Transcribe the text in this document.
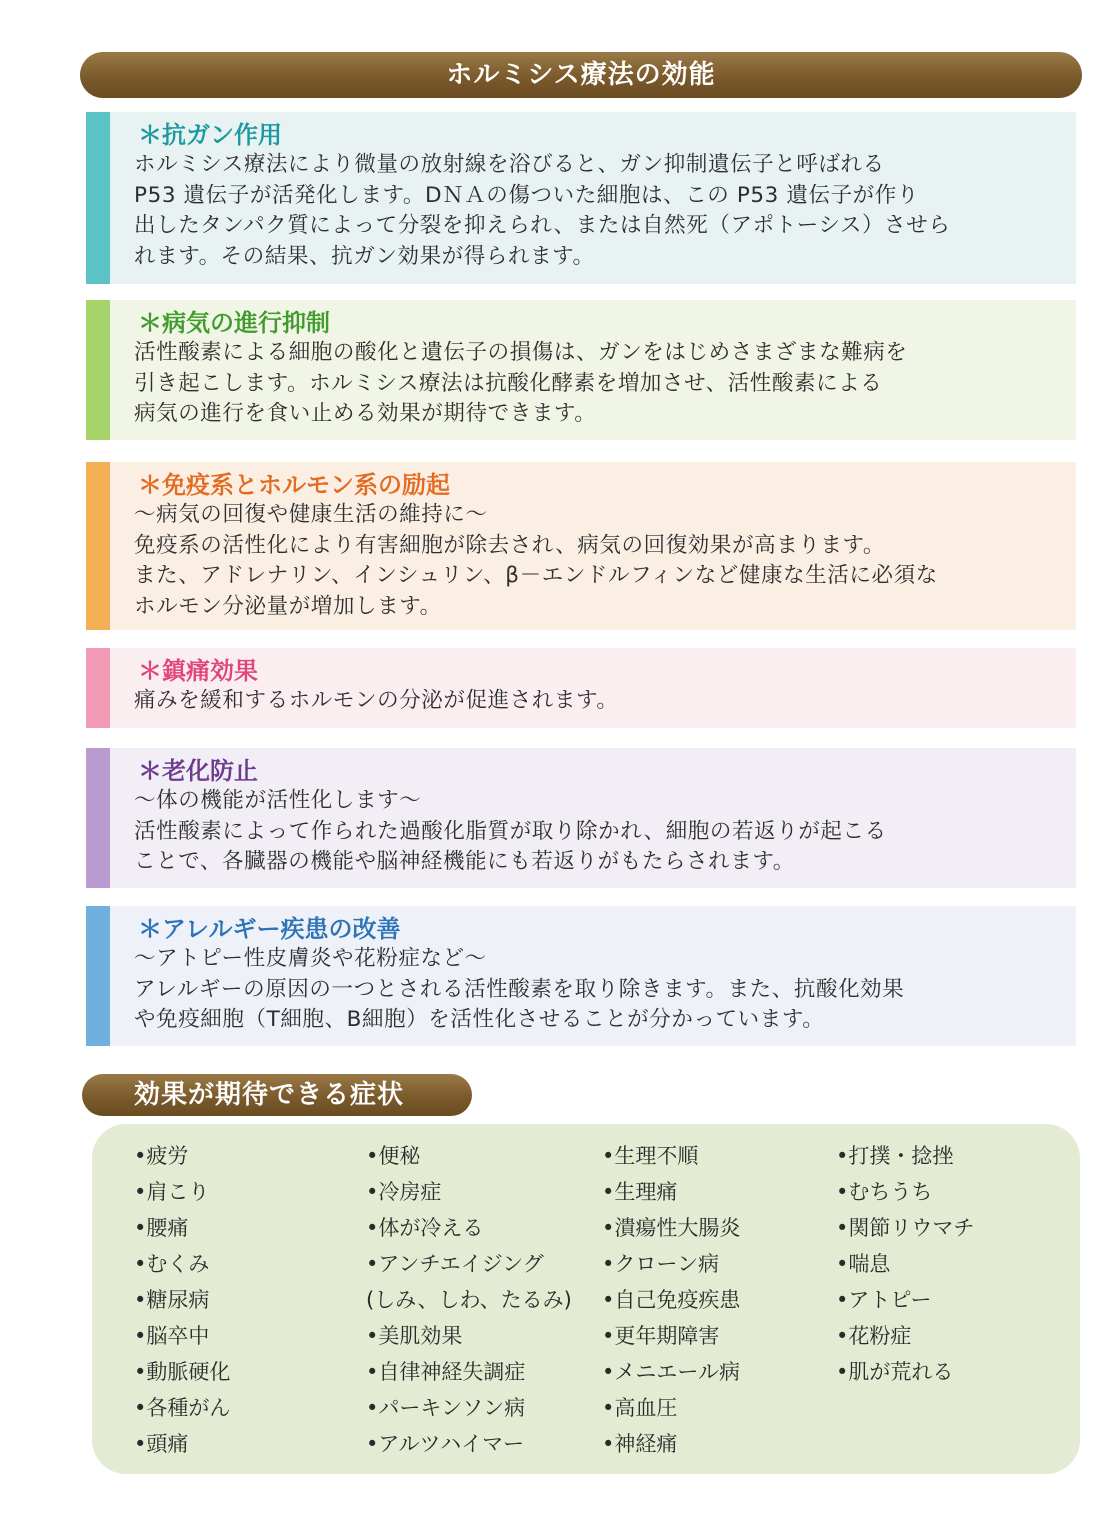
ホルミシス療法の効能
＊抗ガン作用
ホルミシス療法により微量の放射線を浴びると、ガン抑制遺伝子と呼ばれる
P53 遺伝子が活発化します。DＮＡの傷ついた細胞は、この P53 遺伝子が作り
出したタンパク質によって分裂を抑えられ、または自然死（アポトーシス）させら
れます。その結果、抗ガン効果が得られます。
＊病気の進行抑制
活性酸素による細胞の酸化と遺伝子の損傷は、ガンをはじめさまざまな難病を
引き起こします。ホルミシス療法は抗酸化酵素を増加させ、活性酸素による
病気の進行を食い止める効果が期待できます。
＊免疫系とホルモン系の励起
～病気の回復や健康生活の維持に～
免疫系の活性化により有害細胞が除去され、病気の回復効果が高まります。
また、アドレナリン、インシュリン、β－エンドルフィンなど健康な生活に必須な
ホルモン分泌量が増加します。
＊鎮痛効果
痛みを緩和するホルモンの分泌が促進されます。
＊老化防止
～体の機能が活性化します～
活性酸素によって作られた過酸化脂質が取り除かれ、細胞の若返りが起こる
ことで、各臓器の機能や脳神経機能にも若返りがもたらされます。
＊アレルギー疾患の改善
～アトピー性皮膚炎や花粉症など～
アレルギーの原因の一つとされる活性酸素を取り除きます。また、抗酸化効果
や免疫細胞（T細胞、B細胞）を活性化させることが分かっています。
効果が期待できる症状
•疲労
•肩こり
•腰痛
•むくみ
•糖尿病
•脳卒中
•動脈硬化
•各種がん
•頭痛
•便秘
•冷房症
•体が冷える
•アンチエイジング
(しみ、しわ、たるみ)
•美肌効果
•自律神経失調症
•パーキンソン病
•アルツハイマー
•生理不順
•生理痛
•潰瘍性大腸炎
•クローン病
•自己免疫疾患
•更年期障害
•メニエール病
•高血圧
•神経痛
•打撲・捻挫
•むちうち
•関節リウマチ
•喘息
•アトピー
•花粉症
•肌が荒れる
